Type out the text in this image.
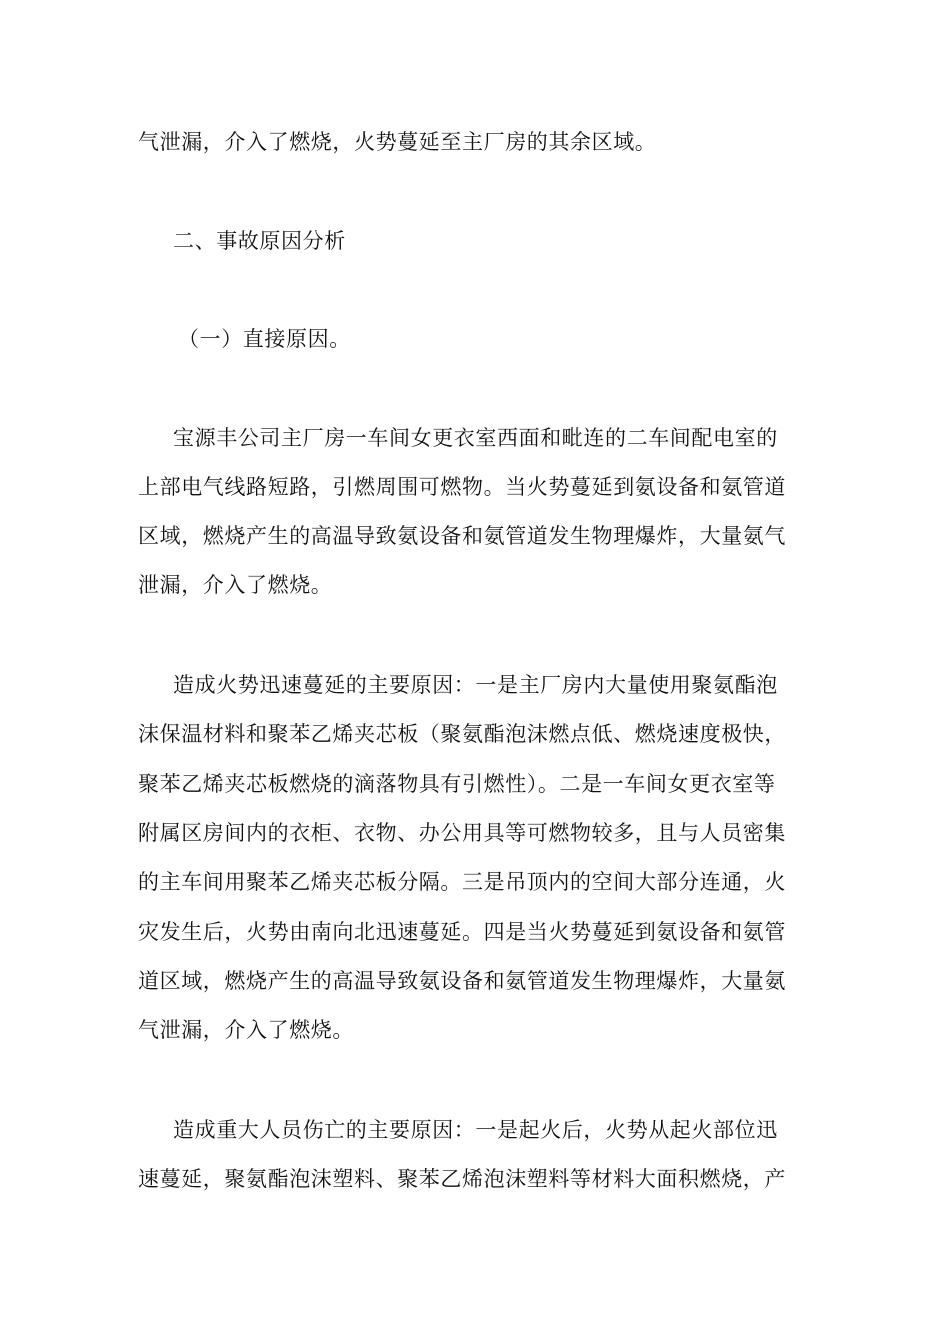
气泄漏，介入了燃烧，火势蔓延至主厂房的其余区域。
二、事故原因分析
（一）直接原因。
宝源丰公司主厂房一车间女更衣室西面和毗连的二车间配电室的
上部电气线路短路，引燃周围可燃物。当火势蔓延到氨设备和氨管道
区域，燃烧产生的高温导致氨设备和氨管道发生物理爆炸，大量氨气
泄漏，介入了燃烧。
造成火势迅速蔓延的主要原因：一是主厂房内大量使用聚氨酯泡
沫保温材料和聚苯乙烯夹芯板（聚氨酯泡沫燃点低、燃烧速度极快，
聚苯乙烯夹芯板燃烧的滴落物具有引燃性）。二是一车间女更衣室等
附属区房间内的衣柜、衣物、办公用具等可燃物较多，且与人员密集
的主车间用聚苯乙烯夹芯板分隔。三是吊顶内的空间大部分连通，火
灾发生后，火势由南向北迅速蔓延。四是当火势蔓延到氨设备和氨管
道区域，燃烧产生的高温导致氨设备和氨管道发生物理爆炸，大量氨
气泄漏，介入了燃烧。
造成重大人员伤亡的主要原因：一是起火后，火势从起火部位迅
速蔓延，聚氨酯泡沫塑料、聚苯乙烯泡沫塑料等材料大面积燃烧，产
